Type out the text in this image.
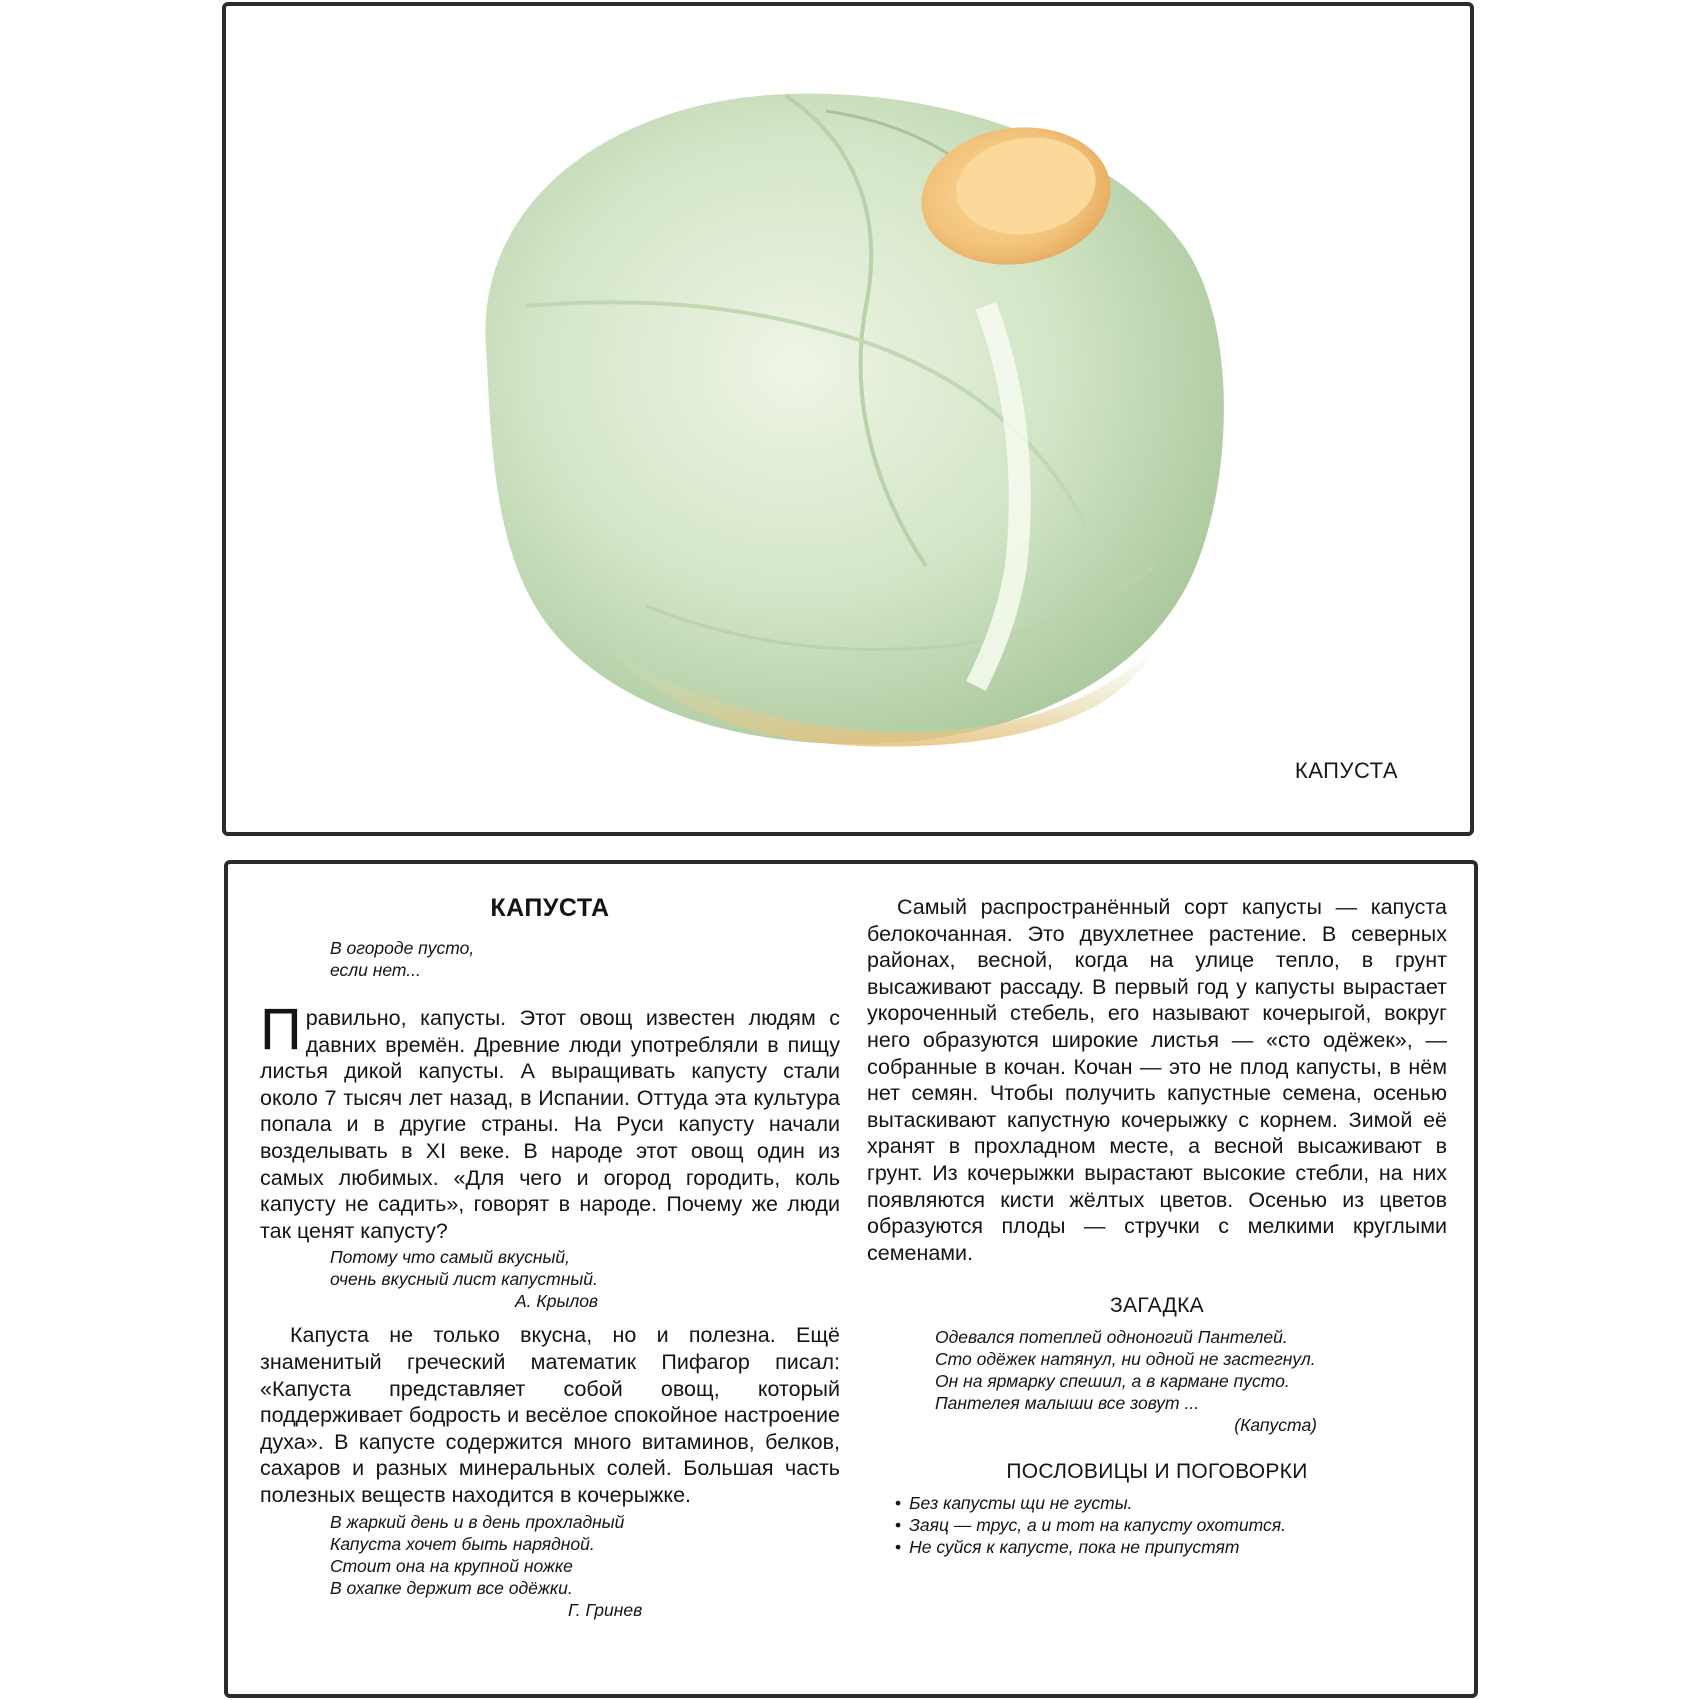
КАПУСТА
КАПУСТА
В огороде пусто,
если нет...

Правильно, капусты. Этот овощ известен людям с давних времён. Древние люди употребляли в пищу листья дикой капусты. А выращивать капусту стали около 7 тысяч лет назад, в Испании. Оттуда эта культура попала и в другие страны. На Руси капусту начали возделывать в XI веке. В народе этот овощ один из самых любимых. «Для чего и огород городить, коль капусту не садить», говорят в народе. Почему же люди так ценят капусту?

Потому что самый вкусный,
очень вкусный лист капустный.
А. Крылов

Капуста не только вкусна, но и полезна. Ещё знаменитый греческий математик Пифагор писал: «Капуста представляет собой овощ, который поддерживает бодрость и весёлое спокойное настроение духа». В капусте содержится много витаминов, белков, сахаров и разных минеральных солей. Большая часть полезных веществ находится в кочерыжке.

В жаркий день и в день прохладный
Капуста хочет быть нарядной.
Стоит она на крупной ножке
В охапке держит все одёжки.
Г. Гринев

Самый распространённый сорт капусты — капуста белокочанная. Это двухлетнее растение. В северных районах, весной, когда на улице тепло, в грунт высаживают рассаду. В первый год у капусты вырастает укороченный стебель, его называют кочерыгой, вокруг него образуются широкие листья — «сто одёжек», — собранные в кочан. Кочан — это не плод капусты, в нём нет семян. Чтобы получить капустные семена, осенью вытаскивают капустную кочерыжку с корнем. Зимой её хранят в прохладном месте, а весной высаживают в грунт. Из кочерыжки вырастают высокие стебли, на них появляются кисти жёлтых цветов. Осенью из цветов образуются плоды — стручки с мелкими круглыми семенами.

ЗАГАДКА
Одевался потеплей одноногий Пантелей.
Сто одёжек натянул, ни одной не застегнул.
Он на ярмарку спешил, а в кармане пусто.
Пантелея малыши все зовут ...
(Капуста)
ПОСЛОВИЦЫ И ПОГОВОРКИ
• Без капусты щи не густы.
• Заяц — трус, а и тот на капусту охотится.
• Не суйся к капусте, пока не припустят
